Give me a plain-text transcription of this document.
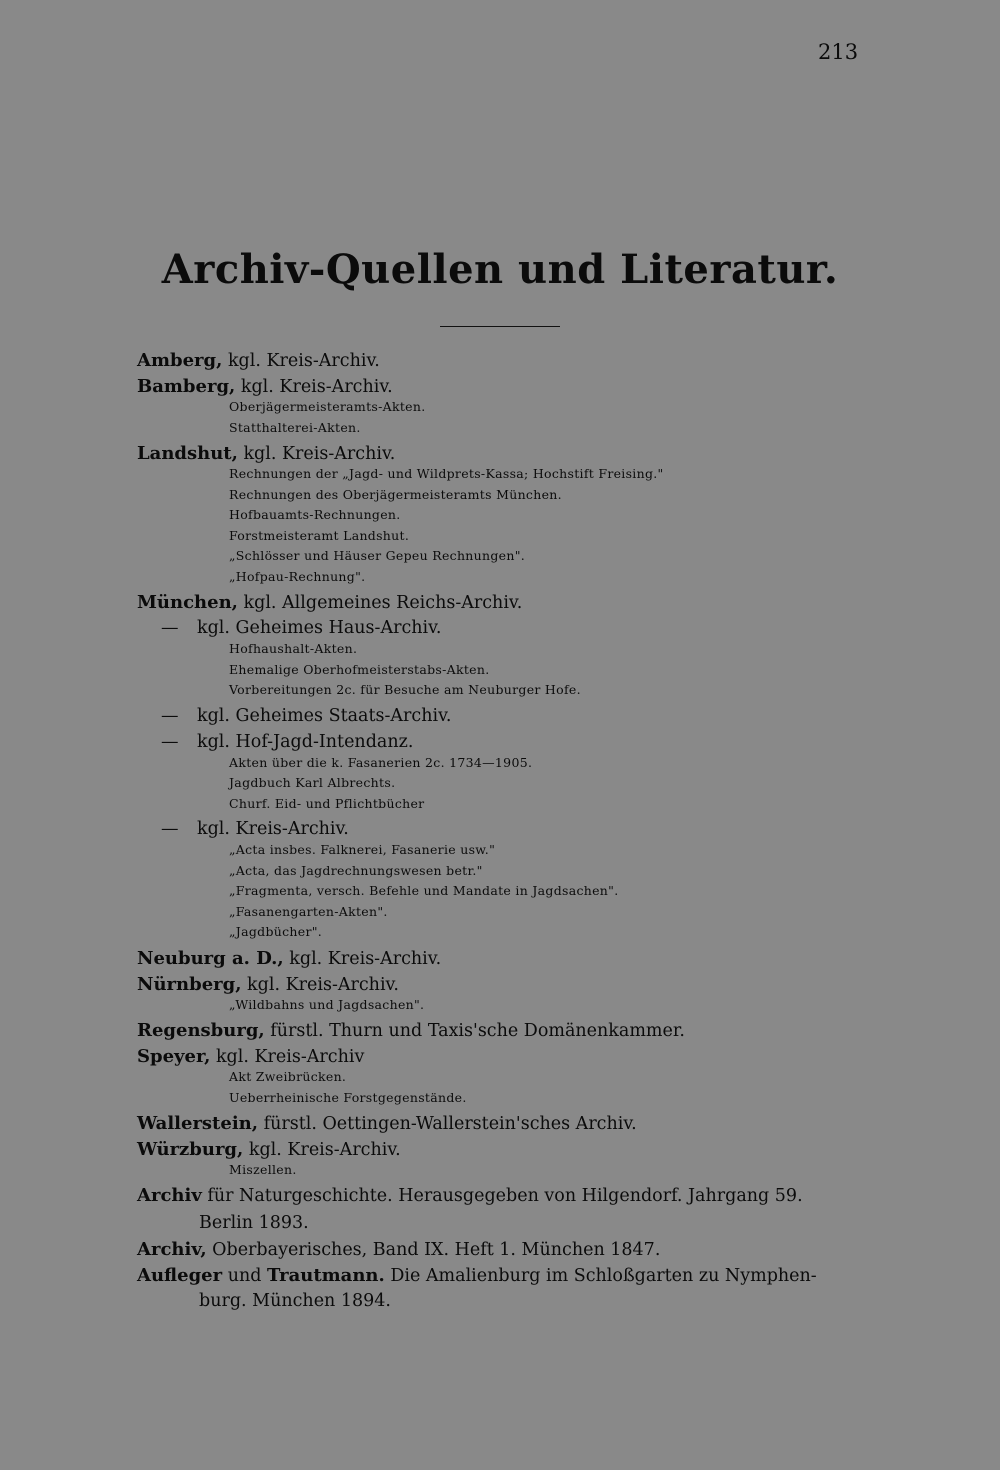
213
Archiv-Quellen und Literatur.
Amberg, kgl. Kreis-Archiv.
Bamberg, kgl. Kreis-Archiv.
Oberjägermeisteramts-Akten.
Statthalterei-Akten.
Landshut, kgl. Kreis-Archiv.
Rechnungen der „Jagd- und Wildprets-Kassa; Hochstift Freising."
Rechnungen des Oberjägermeisteramts München.
Hofbauamts-Rechnungen.
Forstmeisteramt Landshut.
„Schlösser und Häuser Gepeu Rechnungen".
„Hofpau-Rechnung".
München, kgl. Allgemeines Reichs-Archiv.
— kgl. Geheimes Haus-Archiv.
Hofhaushalt-Akten.
Ehemalige Oberhofmeisterstabs-Akten.
Vorbereitungen 2c. für Besuche am Neuburger Hofe.
— kgl. Geheimes Staats-Archiv.
— kgl. Hof-Jagd-Intendanz.
Akten über die k. Fasanerien 2c. 1734—1905.
Jagdbuch Karl Albrechts.
Churf. Eid- und Pflichtbücher
— kgl. Kreis-Archiv.
„Acta insbes. Falknerei, Fasanerie usw."
„Acta, das Jagdrechnungswesen betr."
„Fragmenta, versch. Befehle und Mandate in Jagdsachen".
„Fasanengarten-Akten".
„Jagdbücher".
Neuburg a. D., kgl. Kreis-Archiv.
Nürnberg, kgl. Kreis-Archiv.
„Wildbahns und Jagdsachen".
Regensburg, fürstl. Thurn und Taxis'sche Domänenkammer.
Speyer, kgl. Kreis-Archiv
Akt Zweibrücken.
Ueberrheinische Forstgegenstände.
Wallerstein, fürstl. Oettingen-Wallerstein'sches Archiv.
Würzburg, kgl. Kreis-Archiv.
Miszellen.
Archiv für Naturgeschichte. Herausgegeben von Hilgendorf. Jahrgang 59.
Berlin 1893.
Archiv, Oberbayerisches, Band IX. Heft 1. München 1847.
Aufleger und Trautmann. Die Amalienburg im Schloßgarten zu Nymphen-
burg. München 1894.
